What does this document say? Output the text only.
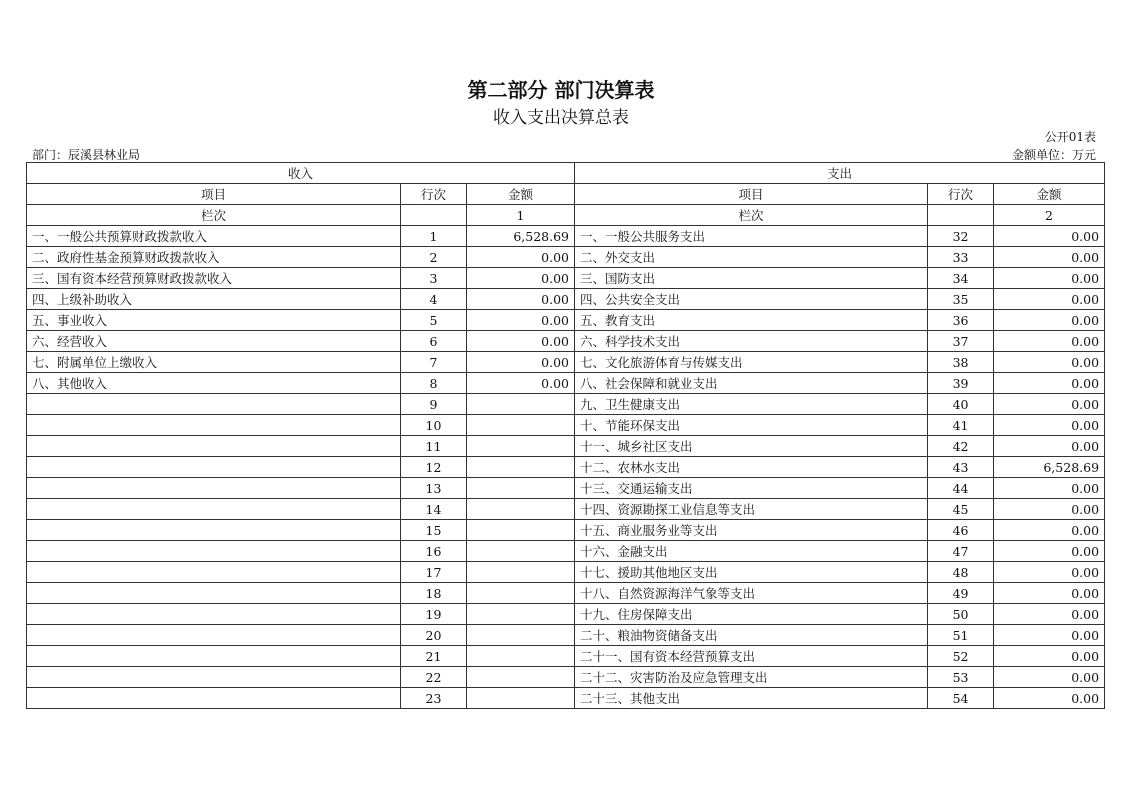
第二部分 部门决算表
收入支出决算总表
公开01表
部门：辰溪县林业局	金额单位：万元
收入			支出		
项目	行次	金额	项目	行次	金额
栏次		1	栏次		2
一、一般公共预算财政拨款收入	1	6,528.69	一、一般公共服务支出	32	0.00
二、政府性基金预算财政拨款收入	2	0.00	二、外交支出	33	0.00
三、国有资本经营预算财政拨款收入	3	0.00	三、国防支出	34	0.00
四、上级补助收入	4	0.00	四、公共安全支出	35	0.00
五、事业收入	5	0.00	五、教育支出	36	0.00
六、经营收入	6	0.00	六、科学技术支出	37	0.00
七、附属单位上缴收入	7	0.00	七、文化旅游体育与传媒支出	38	0.00
八、其他收入	8	0.00	八、社会保障和就业支出	39	0.00
	9		九、卫生健康支出	40	0.00
	10		十、节能环保支出	41	0.00
	11		十一、城乡社区支出	42	0.00
	12		十二、农林水支出	43	6,528.69
	13		十三、交通运输支出	44	0.00
	14		十四、资源勘探工业信息等支出	45	0.00
	15		十五、商业服务业等支出	46	0.00
	16		十六、金融支出	47	0.00
	17		十七、援助其他地区支出	48	0.00
	18		十八、自然资源海洋气象等支出	49	0.00
	19		十九、住房保障支出	50	0.00
	20		二十、粮油物资储备支出	51	0.00
	21		二十一、国有资本经营预算支出	52	0.00
	22		二十二、灾害防治及应急管理支出	53	0.00
	23		二十三、其他支出	54	0.00
